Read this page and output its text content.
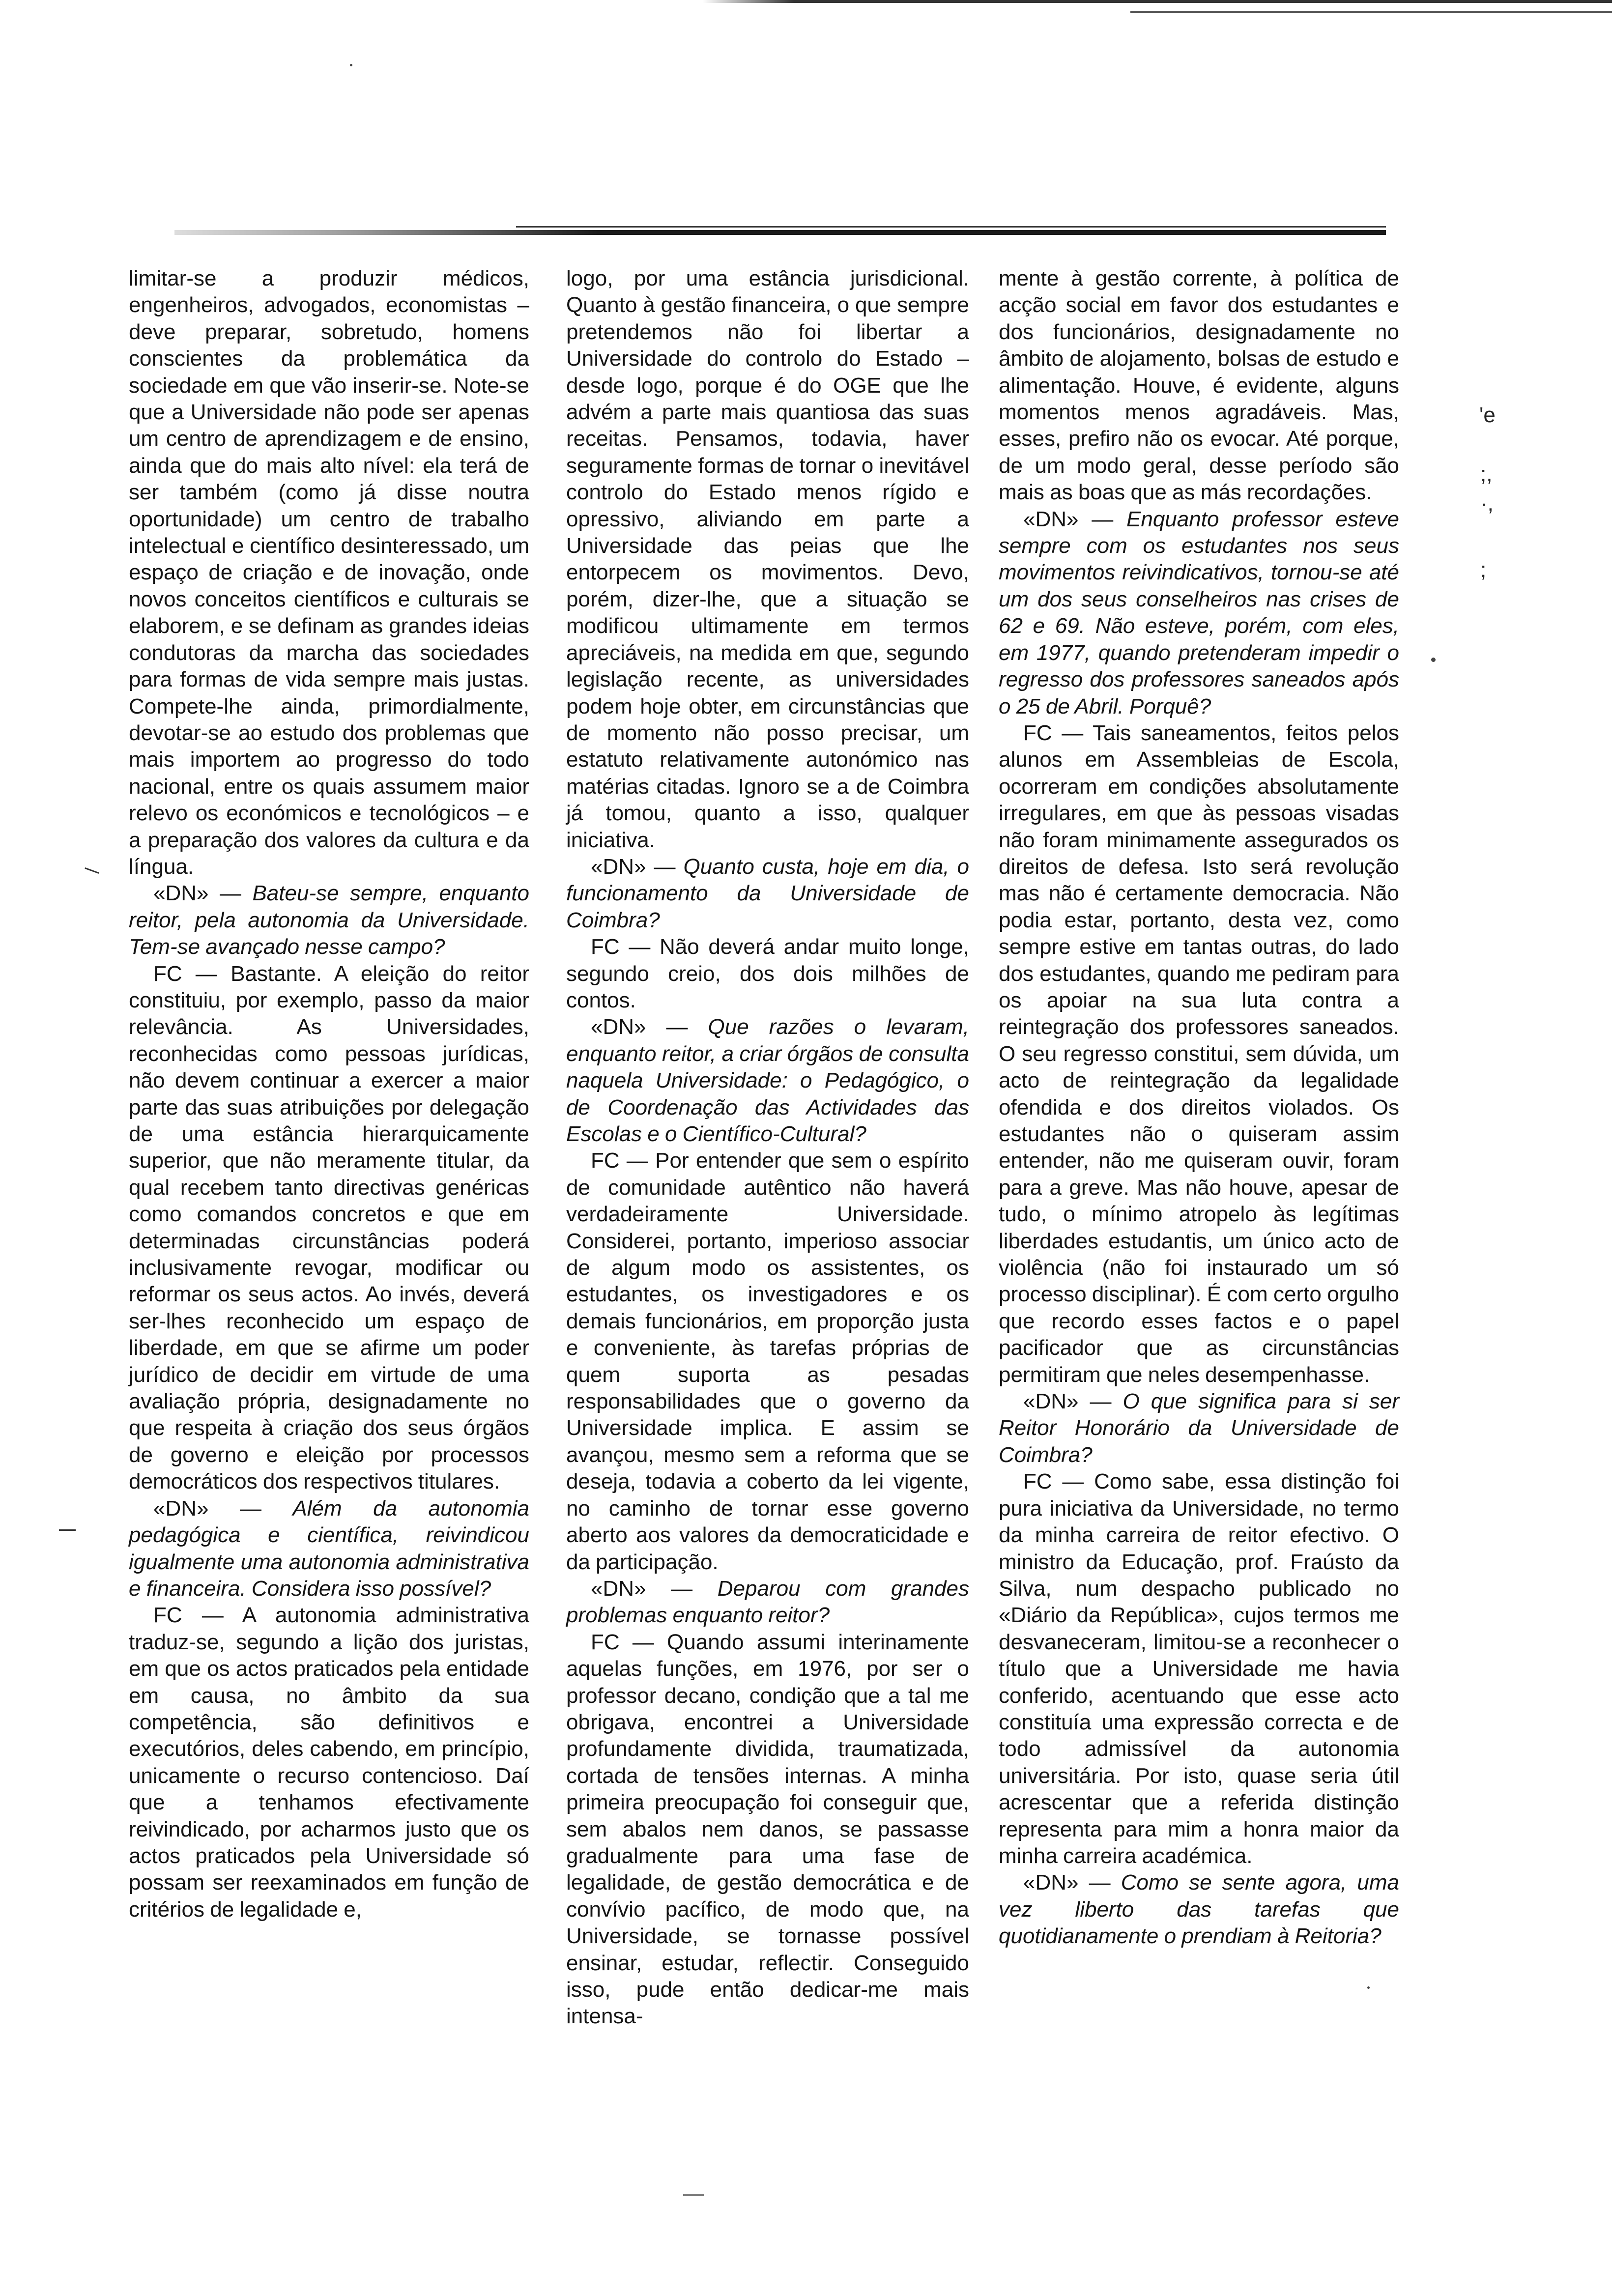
limitar-se a produzir médicos, engenheiros, advogados, economistas – deve preparar, sobretudo, homens conscientes da problemática da sociedade em que vão inserir-se. Note-se que a Universidade não pode ser apenas um centro de aprendizagem e de ensino, ainda que do mais alto nível: ela terá de ser também (como já disse noutra oportunidade) um centro de trabalho intelectual e científico desinteressado, um espaço de criação e de inovação, onde novos conceitos científicos e culturais se elaborem, e se definam as grandes ideias condutoras da marcha das sociedades para formas de vida sempre mais justas. Compete-lhe ainda, primordialmente, devotar-se ao estudo dos problemas que mais importem ao progresso do todo nacional, entre os quais assumem maior relevo os económicos e tecnológicos – e a preparação dos valores da cultura e da língua.

«DN» — Bateu-se sempre, enquanto reitor, pela autonomia da Universidade. Tem-se avançado nesse campo?

FC — Bastante. A eleição do reitor constituiu, por exemplo, passo da maior relevância. As Universidades, reconhecidas como pessoas jurídicas, não devem continuar a exercer a maior parte das suas atribuições por delegação de uma estância hierarquicamente superior, que não meramente titular, da qual recebem tanto directivas genéricas como comandos concretos e que em determinadas circunstâncias poderá inclusivamente revogar, modificar ou reformar os seus actos. Ao invés, deverá ser-lhes reconhecido um espaço de liberdade, em que se afirme um poder jurídico de decidir em virtude de uma avaliação própria, designadamente no que respeita à criação dos seus órgãos de governo e eleição por processos democráticos dos respectivos titulares.

«DN» — Além da autonomia pedagógica e científica, reivindicou igualmente uma autonomia administrativa e financeira. Considera isso possível?

FC — A autonomia administrativa traduz-se, segundo a lição dos juristas, em que os actos praticados pela entidade em causa, no âmbito da sua competência, são definitivos e executórios, deles cabendo, em princípio, unicamente o recurso contencioso. Daí que a tenhamos efectivamente reivindicado, por acharmos justo que os actos praticados pela Universidade só possam ser reexaminados em função de critérios de legalidade e,

logo, por uma estância jurisdicional. Quanto à gestão financeira, o que sempre pretendemos não foi libertar a Universidade do controlo do Estado – desde logo, porque é do OGE que lhe advém a parte mais quantiosa das suas receitas. Pensamos, todavia, haver seguramente formas de tornar o inevitável controlo do Estado menos rígido e opressivo, aliviando em parte a Universidade das peias que lhe entorpecem os movimentos. Devo, porém, dizer-lhe, que a situação se modificou ultimamente em termos apreciáveis, na medida em que, segundo legislação recente, as universidades podem hoje obter, em circunstâncias que de momento não posso precisar, um estatuto relativamente autonómico nas matérias citadas. Ignoro se a de Coimbra já tomou, quanto a isso, qualquer iniciativa.

«DN» — Quanto custa, hoje em dia, o funcionamento da Universidade de Coimbra?

FC — Não deverá andar muito longe, segundo creio, dos dois milhões de contos.

«DN» — Que razões o levaram, enquanto reitor, a criar órgãos de consulta naquela Universidade: o Pedagógico, o de Coordenação das Actividades das Escolas e o Científico-Cultural?

FC — Por entender que sem o espírito de comunidade autêntico não haverá verdadeiramente Universidade. Considerei, portanto, imperioso associar de algum modo os assistentes, os estudantes, os investigadores e os demais funcionários, em proporção justa e conveniente, às tarefas próprias de quem suporta as pesadas responsabilidades que o governo da Universidade implica. E assim se avançou, mesmo sem a reforma que se deseja, todavia a coberto da lei vigente, no caminho de tornar esse governo aberto aos valores da democraticidade e da participação.

«DN» — Deparou com grandes problemas enquanto reitor?

FC — Quando assumi interinamente aquelas funções, em 1976, por ser o professor decano, condição que a tal me obrigava, encontrei a Universidade profundamente dividida, traumatizada, cortada de tensões internas. A minha primeira preocupação foi conseguir que, sem abalos nem danos, se passasse gradualmente para uma fase de legalidade, de gestão democrática e de convívio pacífico, de modo que, na Universidade, se tornasse possível ensinar, estudar, reflectir. Conseguido isso, pude então dedicar-me mais intensa-

mente à gestão corrente, à política de acção social em favor dos estudantes e dos funcionários, designadamente no âmbito de alojamento, bolsas de estudo e alimentação. Houve, é evidente, alguns momentos menos agradáveis. Mas, esses, prefiro não os evocar. Até porque, de um modo geral, desse período são mais as boas que as más recordações.

«DN» — Enquanto professor esteve sempre com os estudantes nos seus movimentos reivindicativos, tornou-se até um dos seus conselheiros nas crises de 62 e 69. Não esteve, porém, com eles, em 1977, quando pretenderam impedir o regresso dos professores saneados após o 25 de Abril. Porquê?

FC — Tais saneamentos, feitos pelos alunos em Assembleias de Escola, ocorreram em condições absolutamente irregulares, em que às pessoas visadas não foram minimamente assegurados os direitos de defesa. Isto será revolução mas não é certamente democracia. Não podia estar, portanto, desta vez, como sempre estive em tantas outras, do lado dos estudantes, quando me pediram para os apoiar na sua luta contra a reintegração dos professores saneados. O seu regresso constitui, sem dúvida, um acto de reintegração da legalidade ofendida e dos direitos violados. Os estudantes não o quiseram assim entender, não me quiseram ouvir, foram para a greve. Mas não houve, apesar de tudo, o mínimo atropelo às legítimas liberdades estudantis, um único acto de violência (não foi instaurado um só processo disciplinar). É com certo orgulho que recordo esses factos e o papel pacificador que as circunstâncias permitiram que neles desempenhasse.

«DN» — O que significa para si ser Reitor Honorário da Universidade de Coimbra?

FC — Como sabe, essa distinção foi pura iniciativa da Universidade, no termo da minha carreira de reitor efectivo. O ministro da Educação, prof. Fraústo da Silva, num despacho publicado no «Diário da República», cujos termos me desvaneceram, limitou-se a reconhecer o título que a Universidade me havia conferido, acentuando que esse acto constituía uma expressão correcta e de todo admissível da autonomia universitária. Por isto, quase seria útil acrescentar que a referida distinção representa para mim a honra maior da minha carreira académica.

«DN» — Como se sente agora, uma vez liberto das tarefas que quotidianamente o prendiam à Reitoria?

'e
;,
·,
;
